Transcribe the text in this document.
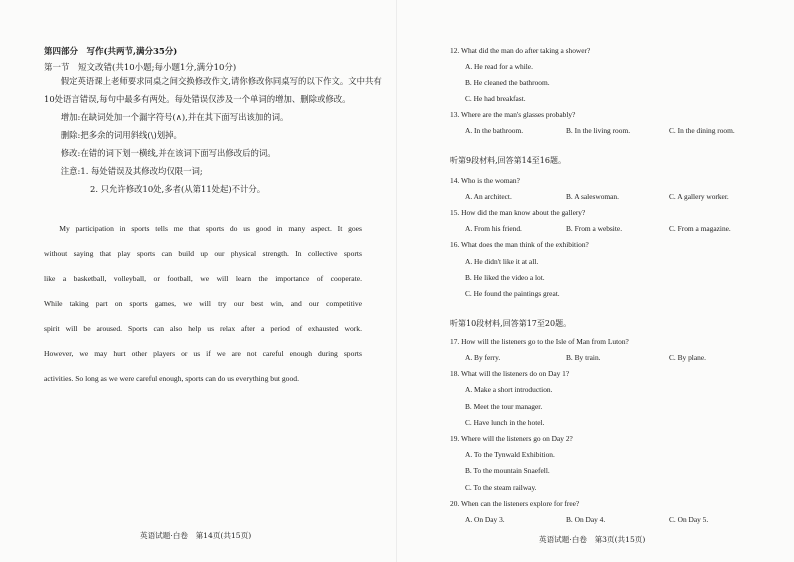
第四部分　写作(共两节,满分35分)
第一节　短文改错(共10小题;每小题1分,满分10分)

假定英语课上老师要求同桌之间交换修改作文,请你修改你同桌写的以下作文。文中共有10处语言错误,每句中最多有两处。每处错误仅涉及一个单词的增加、删除或修改。

增加:在缺词处加一个漏字符号(∧),并在其下面写出该加的词。

删除:把多余的词用斜线(\)划掉。

修改:在错的词下划一横线,并在该词下面写出修改后的词。

注意:1. 每处错误及其修改均仅限一词;

2. 只允许修改10处,多者(从第11处起)不计分。

My participation in sports tells me that sports do us good in many aspect. It goes
without saying that play sports can build up our physical strength. In collective sports
like a basketball, volleyball, or football, we will learn the importance of cooperate.
While taking part on sports games, we will try our best win, and our competitive
spirit will be aroused. Sports can also help us relax after a period of exhausted work.
However, we may hurt other players or us if we are not careful enough during sports
activities. So long as we were careful enough, sports can do us everything but good.
英语试题·白卷　第14页(共15页)
12. What did the man do after taking a shower?
A. He read for a while.
B. He cleaned the bathroom.
C. He had breakfast.
13. Where are the man's glasses probably?
A. In the bathroom.	B. In the living room.	C. In the dining room.
听第9段材料,回答第14至16题。
14. Who is the woman?
A. An architect.	B. A saleswoman.	C. A gallery worker.
15. How did the man know about the gallery?
A. From his friend.	B. From a website.	C. From a magazine.
16. What does the man think of the exhibition?
A. He didn't like it at all.
B. He liked the video a lot.
C. He found the paintings great.
听第10段材料,回答第17至20题。
17. How will the listeners go to the Isle of Man from Luton?
A. By ferry.	B. By train.	C. By plane.
18. What will the listeners do on Day 1?
A. Make a short introduction.
B. Meet the tour manager.
C. Have lunch in the hotel.
19. Where will the listeners go on Day 2?
A. To the Tynwald Exhibition.
B. To the mountain Snaefell.
C. To the steam railway.
20. When can the listeners explore for free?
A. On Day 3.	B. On Day 4.	C. On Day 5.
英语试题·白卷　第3页(共15页)
